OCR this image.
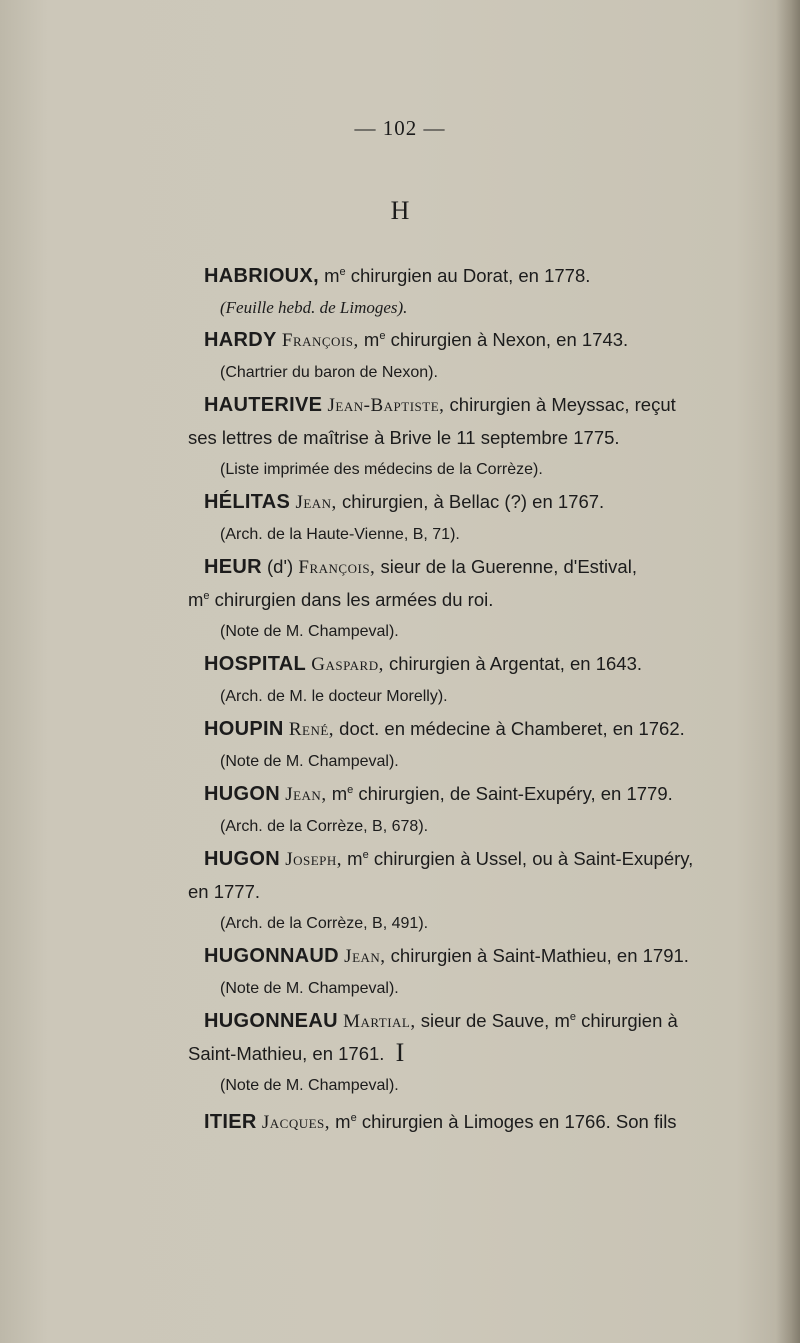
— 102 —
H
HABRIOUX, $m^e$ chirurgien au Dorat, en 1778.
(Feuille hebd. de Limoges).
HARDY François, $m^e$ chirurgien à Nexon, en 1743.
(Chartrier du baron de Nexon).
HAUTERIVE Jean-Baptiste, chirurgien à Meyssac, reçut
ses lettres de maîtrise à Brive le 11 septembre 1775.
(Liste imprimée des médecins de la Corrèze).
HÉLITAS Jean, chirurgien, à Bellac (?) en 1767.
(Arch. de la Haute-Vienne, B, 71).
HEUR (d') François, sieur de la Guerenne, d'Estival,
$m^e$ chirurgien dans les armées du roi.
(Note de M. Champeval).
HOSPITAL Gaspard, chirurgien à Argentat, en 1643.
(Arch. de M. le docteur Morelly).
HOUPIN René, doct. en médecine à Chamberet, en 1762.
(Note de M. Champeval).
HUGON Jean, $m^e$ chirurgien, de Saint-Exupéry, en 1779.
(Arch. de la Corrèze, B, 678).
HUGON Joseph, $m^e$ chirurgien à Ussel, ou à Saint-Exupéry,
en 1777.
(Arch. de la Corrèze, B, 491).
HUGONNAUD Jean, chirurgien à Saint-Mathieu, en 1791.
(Note de M. Champeval).
HUGONNEAU Martial, sieur de Sauve, $m^e$ chirurgien à
Saint-Mathieu, en 1761.
(Note de M. Champeval).
I
ITIER Jacques, $m^e$ chirurgien à Limoges en 1766. Son fils
